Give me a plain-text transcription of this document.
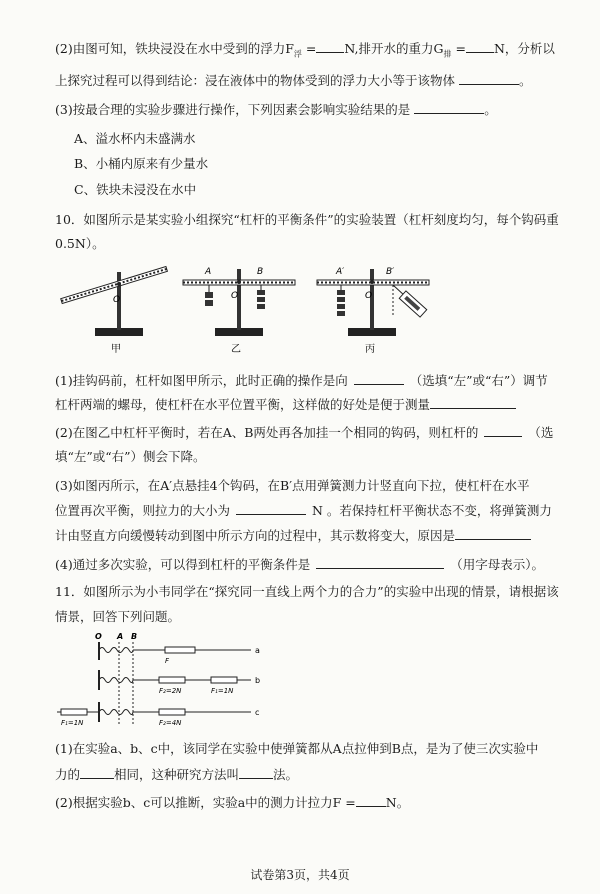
(2)由图可知，铁块浸没在水中受到的浮力$F_浮 = N$,排开水的重力$G_排 = N$，分析以
上探究过程可以得到结论：浸在液体中的物体受到的浮力大小等于该物体	。
(3)按最合理的实验步骤进行操作，下列因素会影响实验结果的是	。
A、溢水杯内未盛满水
B、小桶内原来有少量水
C、铁块未浸没在水中
10．如图所示是某实验小组探究“杠杆的平衡条件”的实验装置（杠杆刻度均匀，每个钩码重
0.5N）。
O
甲
A	B
O
乙
A′	B′
O
丙
(1)挂钩码前，杠杆如图甲所示，此时正确的操作是向	（选填“左”或“右”）调节
杠杆两端的螺母，使杠杆在水平位置平衡，这样做的好处是便于测量
(2)在图乙中杠杆平衡时，若在A、B两处再各加挂一个相同的钩码，则杠杆的	（选
填“左”或“右”）侧会下降。
(3)如图丙所示，在A′点悬挂4个钩码，在B′点用弹簧测力计竖直向下拉，使杠杆在水平
位置再次平衡，则拉力的大小为	N 。若保持杠杆平衡状态不变，将弹簧测力
计由竖直方向缓慢转动到图中所示方向的过程中，其示数将变大，原因是
(4)通过多次实验，可以得到杠杆的平衡条件是	（用字母表示）。
11．如图所示为小韦同学在“探究同一直线上两个力的合力”的实验中出现的情景，请根据该
情景，回答下列问题。
O A B
F
a
F₂=2N	F₁=1N
b
F₁=1N	F₂=4N
c
(1)在实验a、b、c中，该同学在实验中使弹簧都从A点拉伸到B点，是为了使三次实验中
力的	相同，这种研究方法叫	法。
(2)根据实验b、c可以推断，实验a中的测力计拉力F = N。
试卷第3页，共4页
